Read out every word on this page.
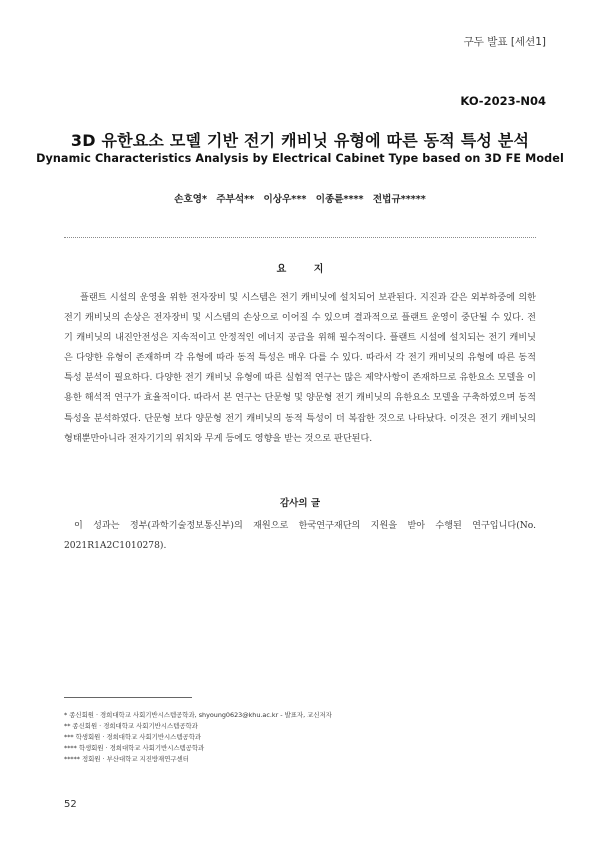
구두 발표 [세션1]
KO-2023-N04
3D 유한요소 모델 기반 전기 캐비닛 유형에 따른 동적 특성 분석
Dynamic Characteristics Analysis by Electrical Cabinet Type based on 3D FE Model
손호영* 주부석** 이상우*** 이종륜**** 전법규*****
요 지
플랜트 시설의 운영을 위한 전자장비 및 시스템은 전기 캐비닛에 설치되어 보관된다. 지진과 같은 외부하중에 의한 전기 캐비닛의 손상은 전자장비 및 시스템의 손상으로 이어질 수 있으며 결과적으로 플랜트 운영이 중단될 수 있다. 전기 캐비닛의 내진안전성은 지속적이고 안정적인 에너지 공급을 위해 필수적이다. 플랜트 시설에 설치되는 전기 캐비닛은 다양한 유형이 존재하며 각 유형에 따라 동적 특성은 매우 다를 수 있다. 따라서 각 전기 캐비닛의 유형에 따른 동적 특성 분석이 필요하다. 다양한 전기 캐비닛 유형에 따른 실험적 연구는 많은 제약사항이 존재하므로 유한요소 모델을 이용한 해석적 연구가 효율적이다. 따라서 본 연구는 단문형 및 양문형 전기 캐비닛의 유한요소 모델을 구축하였으며 동적특성을 분석하였다. 단문형 보다 양문형 전기 캐비닛의 동적 특성이 더 복잡한 것으로 나타났다. 이것은 전기 캐비닛의 형태뿐만아니라 전자기기의 위치와 무게 등에도 영향을 받는 것으로 판단된다.
감사의 글
이 성과는 정부(과학기술정보통신부)의 재원으로 한국연구재단의 지원을 받아 수행된 연구입니다(No. 2021R1A2C1010278).
* 종신회원 · 경희대학교 사회기반시스템공학과, shyoung0623@khu.ac.kr - 발표자, 교신저자
** 종신회원 · 경희대학교 사회기반시스템공학과
*** 학생회원 · 경희대학교 사회기반시스템공학과
**** 학생회원 · 경희대학교 사회기반시스템공학과
***** 정회원 · 부산대학교 지진방재연구센터
52
